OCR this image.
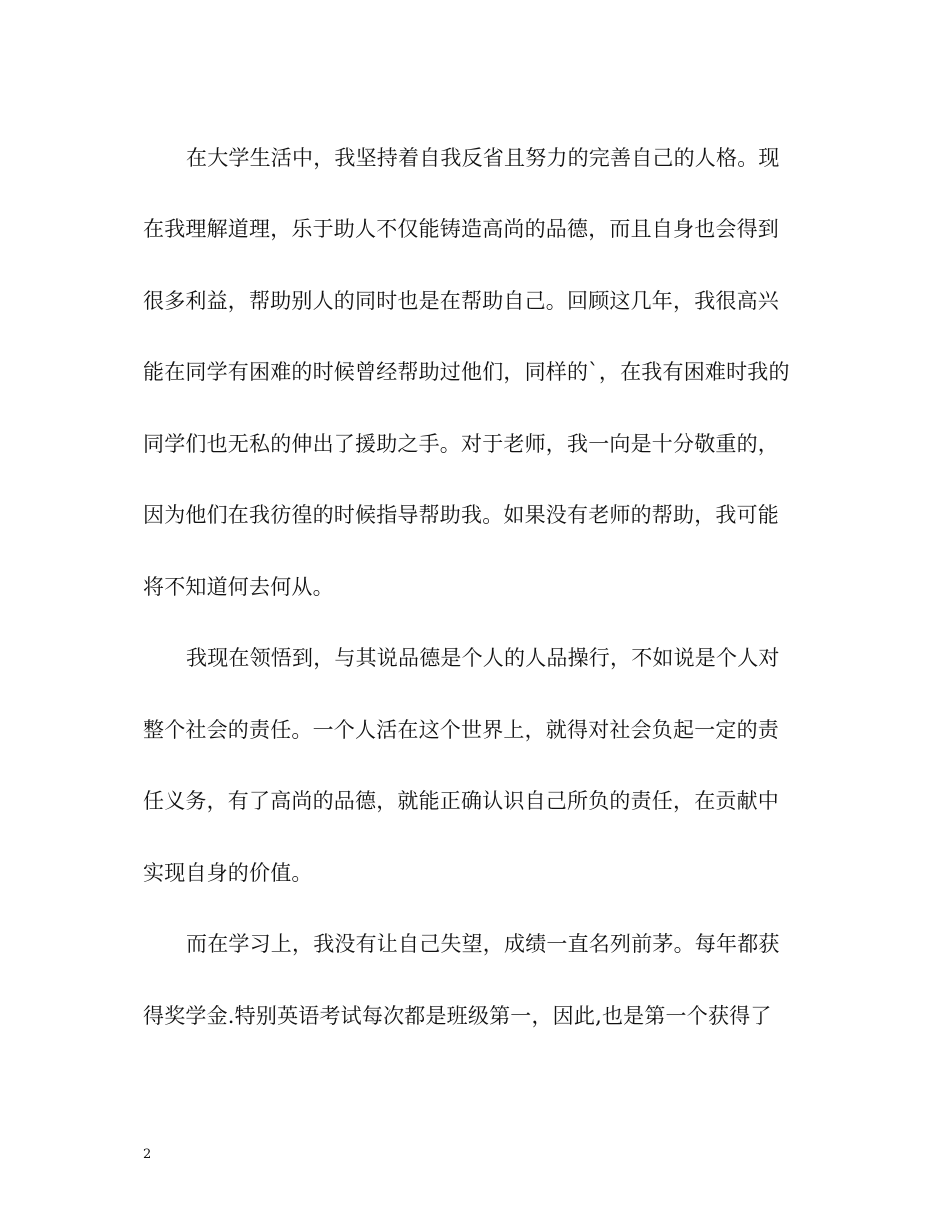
在大学生活中，我坚持着自我反省且努力的完善自己的人格。现
在我理解道理，乐于助人不仅能铸造高尚的品德，而且自身也会得到
很多利益，帮助别人的同时也是在帮助自己。回顾这几年，我很高兴
能在同学有困难的时候曾经帮助过他们，同样的`，在我有困难时我的
同学们也无私的伸出了援助之手。对于老师，我一向是十分敬重的，
因为他们在我彷徨的时候指导帮助我。如果没有老师的帮助，我可能
将不知道何去何从。
我现在领悟到，与其说品德是个人的人品操行，不如说是个人对
整个社会的责任。一个人活在这个世界上，就得对社会负起一定的责
任义务，有了高尚的品德，就能正确认识自己所负的责任，在贡献中
实现自身的价值。
而在学习上，我没有让自己失望，成绩一直名列前茅。每年都获
得奖学金.特别英语考试每次都是班级第一，因此,也是第一个获得了
2
